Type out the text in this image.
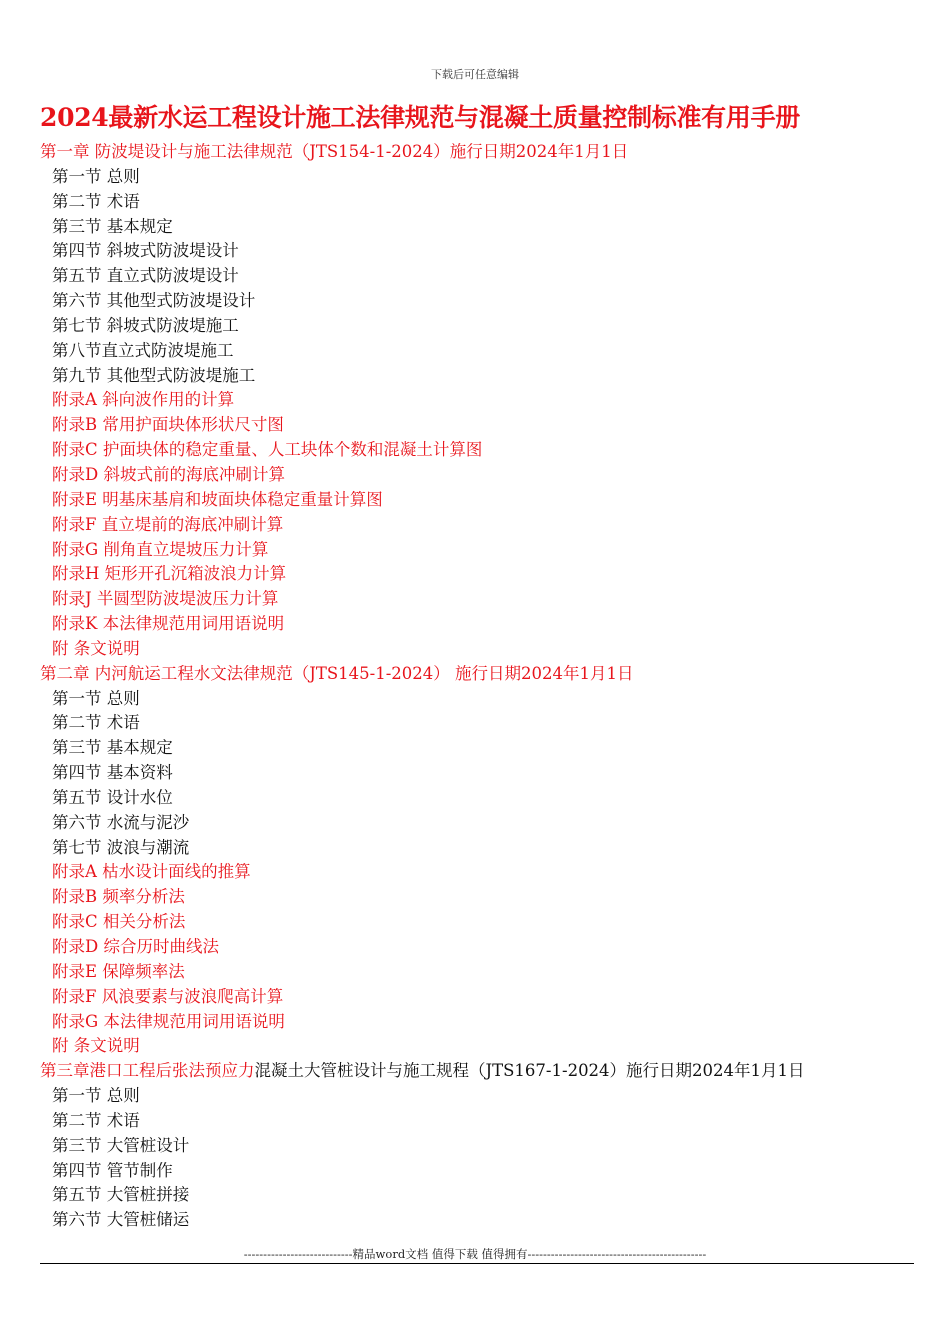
下载后可任意编辑
2024最新水运工程设计施工法律规范与混凝土质量控制标准有用手册
第一章 防波堤设计与施工法律规范（JTS154-1-2024）施行日期2024年1月1日
第一节 总则
第二节 术语
第三节 基本规定
第四节 斜坡式防波堤设计
第五节 直立式防波堤设计
第六节 其他型式防波堤设计
第七节 斜坡式防波堤施工
第八节直立式防波堤施工
第九节 其他型式防波堤施工
附录A 斜向波作用的计算
附录B 常用护面块体形状尺寸图
附录C 护面块体的稳定重量、人工块体个数和混凝土计算图
附录D 斜坡式前的海底冲刷计算
附录E 明基床基肩和坡面块体稳定重量计算图
附录F 直立堤前的海底冲刷计算
附录G 削角直立堤坡压力计算
附录H 矩形开孔沉箱波浪力计算
附录J 半圆型防波堤波压力计算
附录K 本法律规范用词用语说明
附 条文说明
第二章 内河航运工程水文法律规范（JTS145-1-2024） 施行日期2024年1月1日
第一节 总则
第二节 术语
第三节 基本规定
第四节 基本资料
第五节 设计水位
第六节 水流与泥沙
第七节 波浪与潮流
附录A 枯水设计面线的推算
附录B 频率分析法
附录C 相关分析法
附录D 综合历时曲线法
附录E 保障频率法
附录F 风浪要素与波浪爬高计算
附录G 本法律规范用词用语说明
附 条文说明
第三章港口工程后张法预应力混凝土大管桩设计与施工规程（JTS167-1-2024）施行日期2024年1月1日
第一节 总则
第二节 术语
第三节 大管桩设计
第四节 管节制作
第五节 大管桩拼接
第六节 大管桩储运
----------------------------精品word文档 值得下载 值得拥有----------------------------------------------
